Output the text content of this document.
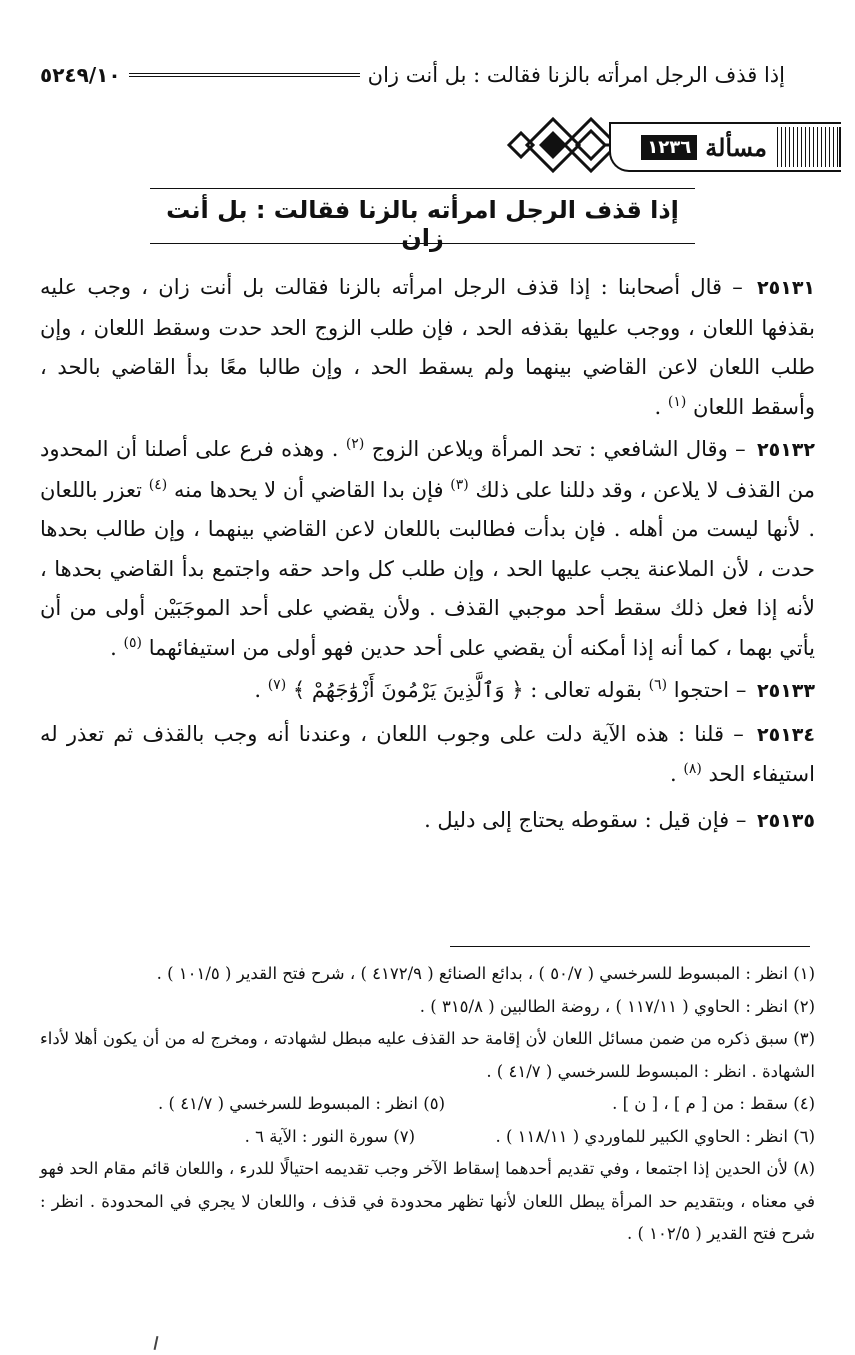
إذا قذف الرجل امرأته بالزنا فقالت : بل أنت زان
٥٢٤٩/١٠
مسألة
١٢٣٦
إذا قذف الرجل امرأته بالزنا فقالت : بل أنت زان

٢٥١٣١ – قال أصحابنا : إذا قذف الرجل امرأته بالزنا فقالت بل أنت زان ، وجب عليه بقذفها اللعان ، ووجب عليها بقذفه الحد ، فإن طلب الزوج الحد حدت وسقط اللعان ، وإن طلب اللعان لاعن القاضي بينهما ولم يسقط الحد ، وإن طالبا معًا بدأ القاضي بالحد ، وأسقط اللعان $^{(١)}$ .

٢٥١٣٢ – وقال الشافعي : تحد المرأة ويلاعن الزوج $^{(٢)}$ . وهذه فرع على أصلنا أن المحدود من القذف لا يلاعن ، وقد دللنا على ذلك $^{(٣)}$ فإن بدا القاضي أن لا يحدها منه $^{(٤)}$ تعزر باللعان . لأنها ليست من أهله . فإن بدأت فطالبت باللعان لاعن القاضي بينهما ، وإن طالب بحدها حدت ، لأن الملاعنة يجب عليها الحد ، وإن طلب كل واحد حقه واجتمع بدأ القاضي بحدها ، لأنه إذا فعل ذلك سقط أحد موجبي القذف . ولأن يقضي على أحد الموجَبَيْن أولى من أن يأتي بهما ، كما أنه إذا أمكنه أن يقضي على أحد حدين فهو أولى من استيفائهما $^{(٥)}$ .

٢٥١٣٣ – احتجوا $^{(٦)}$ بقوله تعالى : ﴿ وَٱلَّذِينَ يَرْمُونَ أَزْوَٰجَهُمْ ﴾ $^{(٧)}$ .

٢٥١٣٤ – قلنا : هذه الآية دلت على وجوب اللعان ، وعندنا أنه وجب بالقذف ثم تعذر له استيفاء الحد $^{(٨)}$ .

٢٥١٣٥ – فإن قيل : سقوطه يحتاج إلى دليل .

(١) انظر : المبسوط للسرخسي ( ٥٠/٧ ) ، بدائع الصنائع ( ٤١٧٢/٩ ) ، شرح فتح القدير ( ١٠١/٥ ) .

(٢) انظر : الحاوي ( ١١٧/١١ ) ، روضة الطالبين ( ٣١٥/٨ ) .

(٣) سبق ذكره من ضمن مسائل اللعان لأن إقامة حد القذف عليه مبطل لشهادته ، ومخرج له من أن يكون أهلا لأداء الشهادة . انظر : المبسوط للسرخسي ( ٤١/٧ ) .

(٤) سقط : من [ م ] ، [ ن ] .
(٥) انظر : المبسوط للسرخسي ( ٤١/٧ ) .
(٦) انظر : الحاوي الكبير للماوردي ( ١١٨/١١ ) .
(٧) سورة النور : الآية ٦ .

(٨) لأن الحدين إذا اجتمعا ، وفي تقديم أحدهما إسقاط الآخر وجب تقديمه احتيالًا للدرء ، واللعان قائم مقام الحد فهو في معناه ، وبتقديم حد المرأة يبطل اللعان لأنها تظهر محدودة في قذف ، واللعان لا يجري في المحدودة . انظر : شرح فتح القدير ( ١٠٢/٥ ) .
